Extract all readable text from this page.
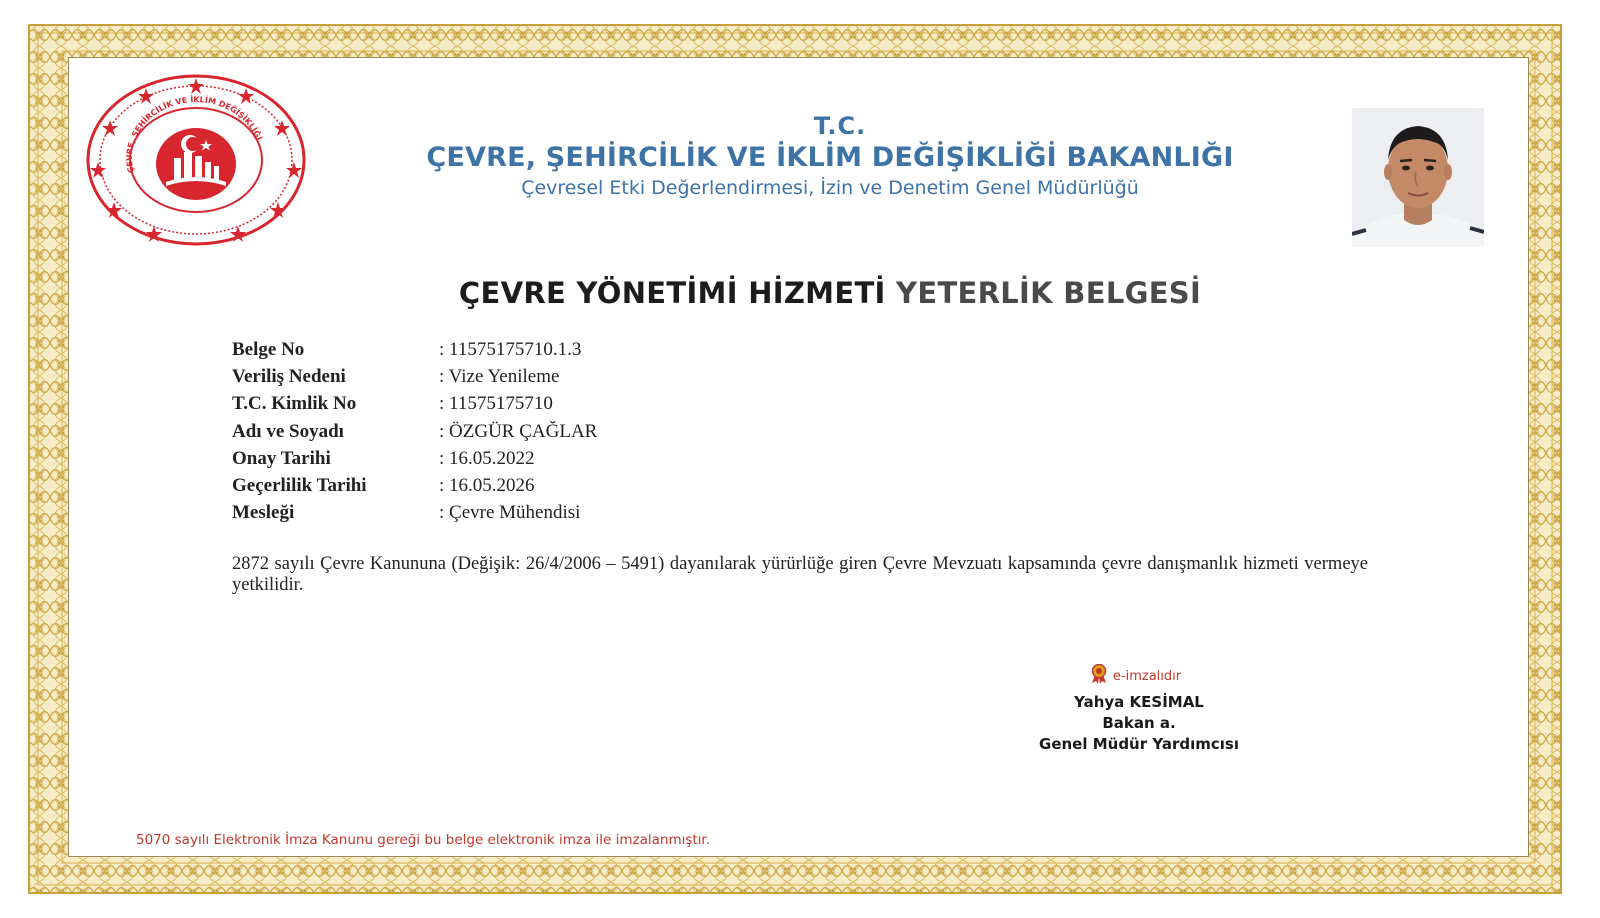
ÇEVRE, ŞEHİRCİLİK VE İKLİM DEĞİŞİKLİĞİ	T.C.
ÇEVRE, ŞEHİRCİLİK VE İKLİM DEĞİŞİKLİĞİ BAKANLIĞI
Çevresel Etki Değerlendirmesi, İzin ve Denetim Genel Müdürlüğü
ÇEVRE YÖNETİMİ HİZMETİ YETERLİK BELGESİ
Belge No	: 11575175710.1.3
Veriliş Nedeni	: Vize Yenileme
T.C. Kimlik No	: 11575175710
Adı ve Soyadı	: ÖZGÜR ÇAĞLAR
Onay Tarihi	: 16.05.2022
Geçerlilik Tarihi	: 16.05.2026
Mesleği	: Çevre Mühendisi
2872 sayılı Çevre Kanununa (Değişik: 26/4/2006 – 5491) dayanılarak yürürlüğe giren Çevre Mevzuatı kapsamında çevre danışmanlık hizmeti vermeye yetkilidir.
e-imzalıdır
Yahya KESİMAL
Bakan a.
Genel Müdür Yardımcısı
5070 sayılı Elektronik İmza Kanunu gereği bu belge elektronik imza ile imzalanmıştır.
